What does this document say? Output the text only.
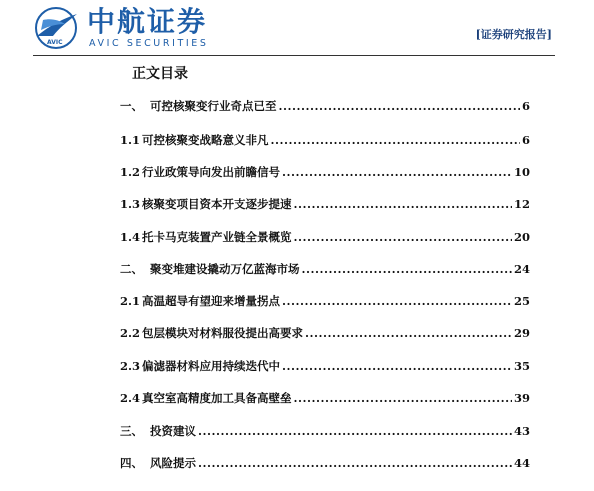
AVIC
中航证券
AVIC SECURITIES
[证券研究报告]
正文目录
一、 可控核聚变行业奇点已至 .....	6
1.1 可控核聚变战略意义非凡 .....	6
1.2 行业政策导向发出前瞻信号 .....	10
1.3 核聚变项目资本开支逐步提速 .....	12
1.4 托卡马克装置产业链全景概览 .....	20
二、 聚变堆建设撬动万亿蓝海市场 .....	24
2.1 高温超导有望迎来增量拐点 .....	25
2.2 包层模块对材料服役提出高要求 .....	29
2.3 偏滤器材料应用持续迭代中 .....	35
2.4 真空室高精度加工具备高壁垒 .....	39
三、 投资建议 .....	43
四、 风险提示 .....	44
